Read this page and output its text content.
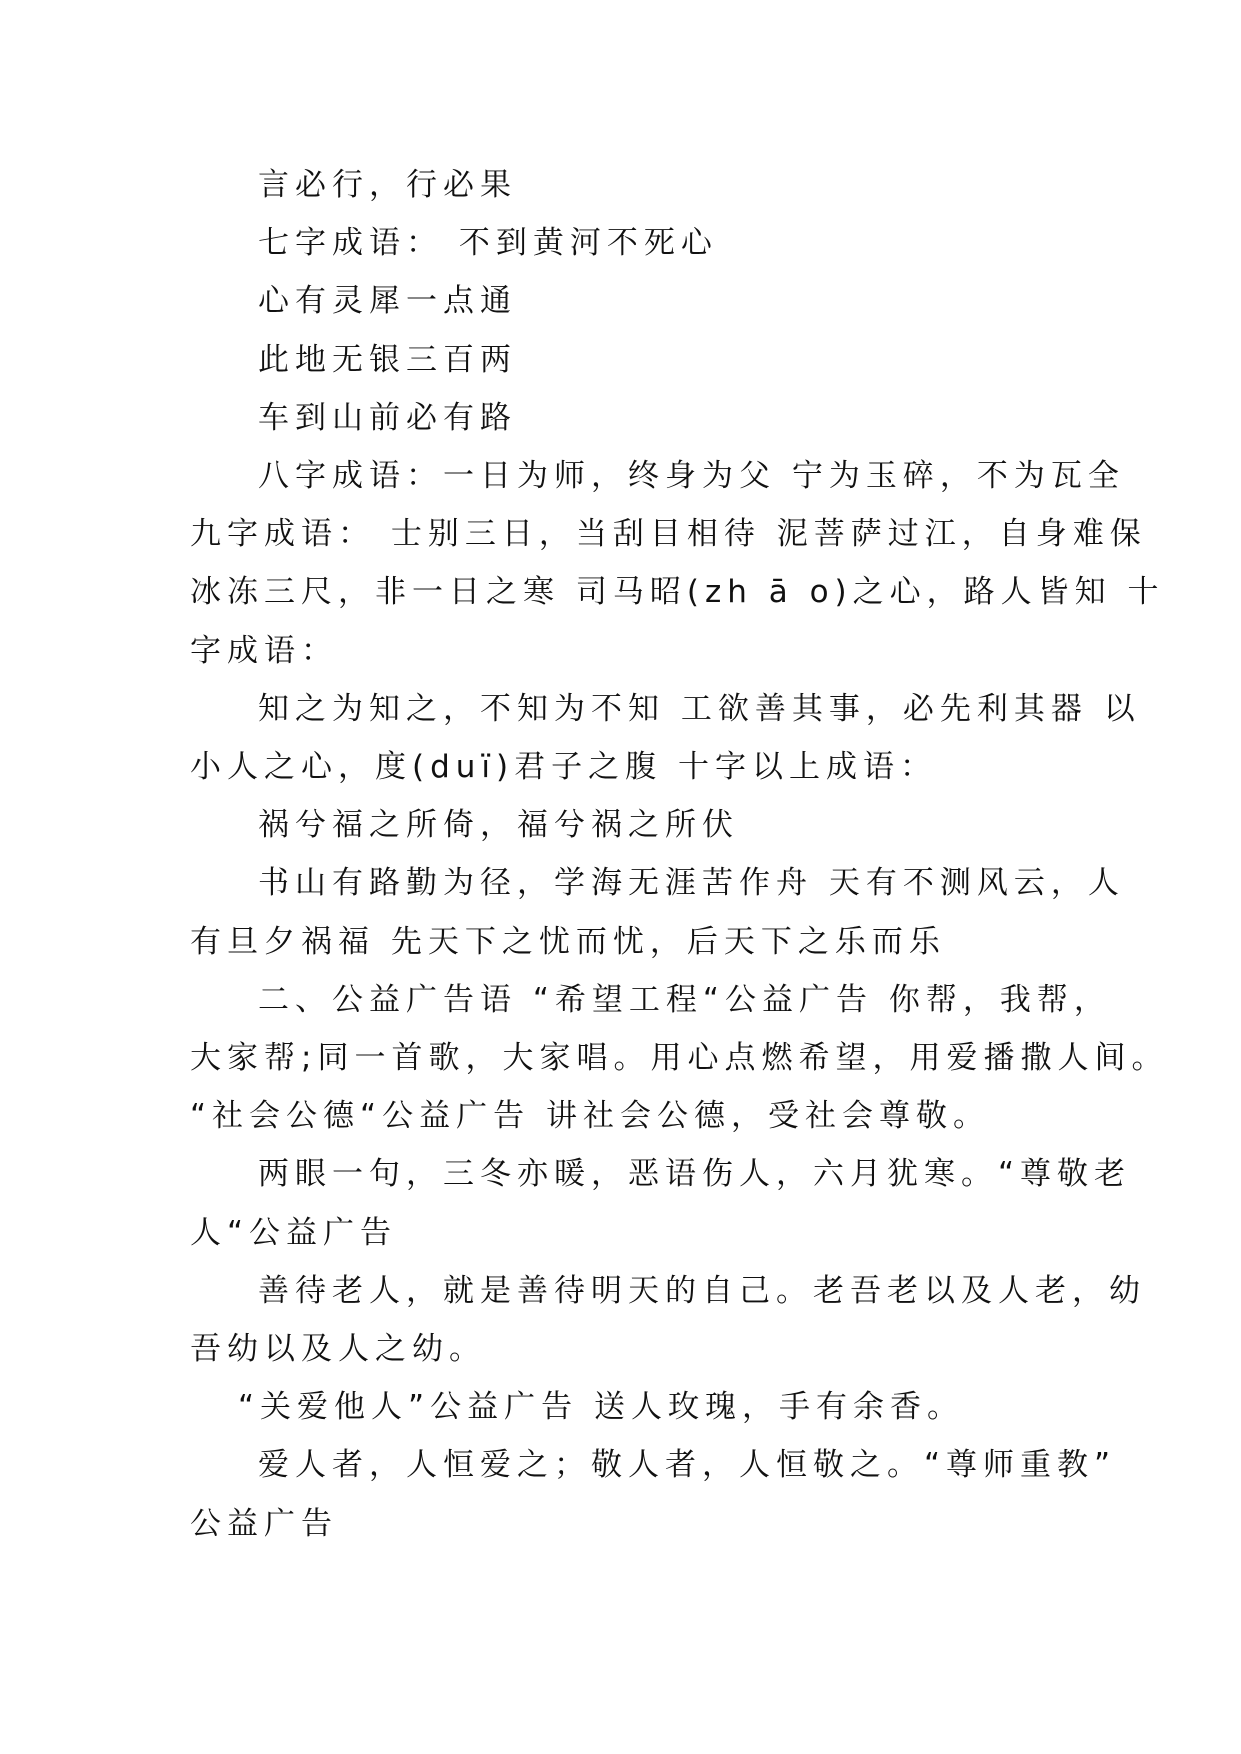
言必行，行必果

七字成语： 不到黄河不死心

心有灵犀一点通

此地无银三百两

车到山前必有路

八字成语：一日为师，终身为父 宁为玉碎，不为瓦全

九字成语： 士别三日，当刮目相待 泥菩萨过江，自身难保

冰冻三尺，非一日之寒 司马昭(zh ā o)之心，路人皆知 十

字成语：

知之为知之，不知为不知 工欲善其事，必先利其器 以

小人之心，度(duï)君子之腹 十字以上成语：

祸兮福之所倚，福兮祸之所伏

书山有路勤为径，学海无涯苦作舟 天有不测风云，人

有旦夕祸福 先天下之忧而忧，后天下之乐而乐

二、公益广告语 “希望工程“公益广告 你帮，我帮，

大家帮;同一首歌，大家唱。用心点燃希望，用爱播撒人间。

“社会公德“公益广告 讲社会公德，受社会尊敬。

两眼一句，三冬亦暖，恶语伤人，六月犹寒。“尊敬老

人“公益广告

善待老人，就是善待明天的自己。老吾老以及人老，幼

吾幼以及人之幼。

“关爱他人”公益广告 送人玫瑰，手有余香。

爱人者，人恒爱之；敬人者，人恒敬之。“尊师重教”

公益广告
